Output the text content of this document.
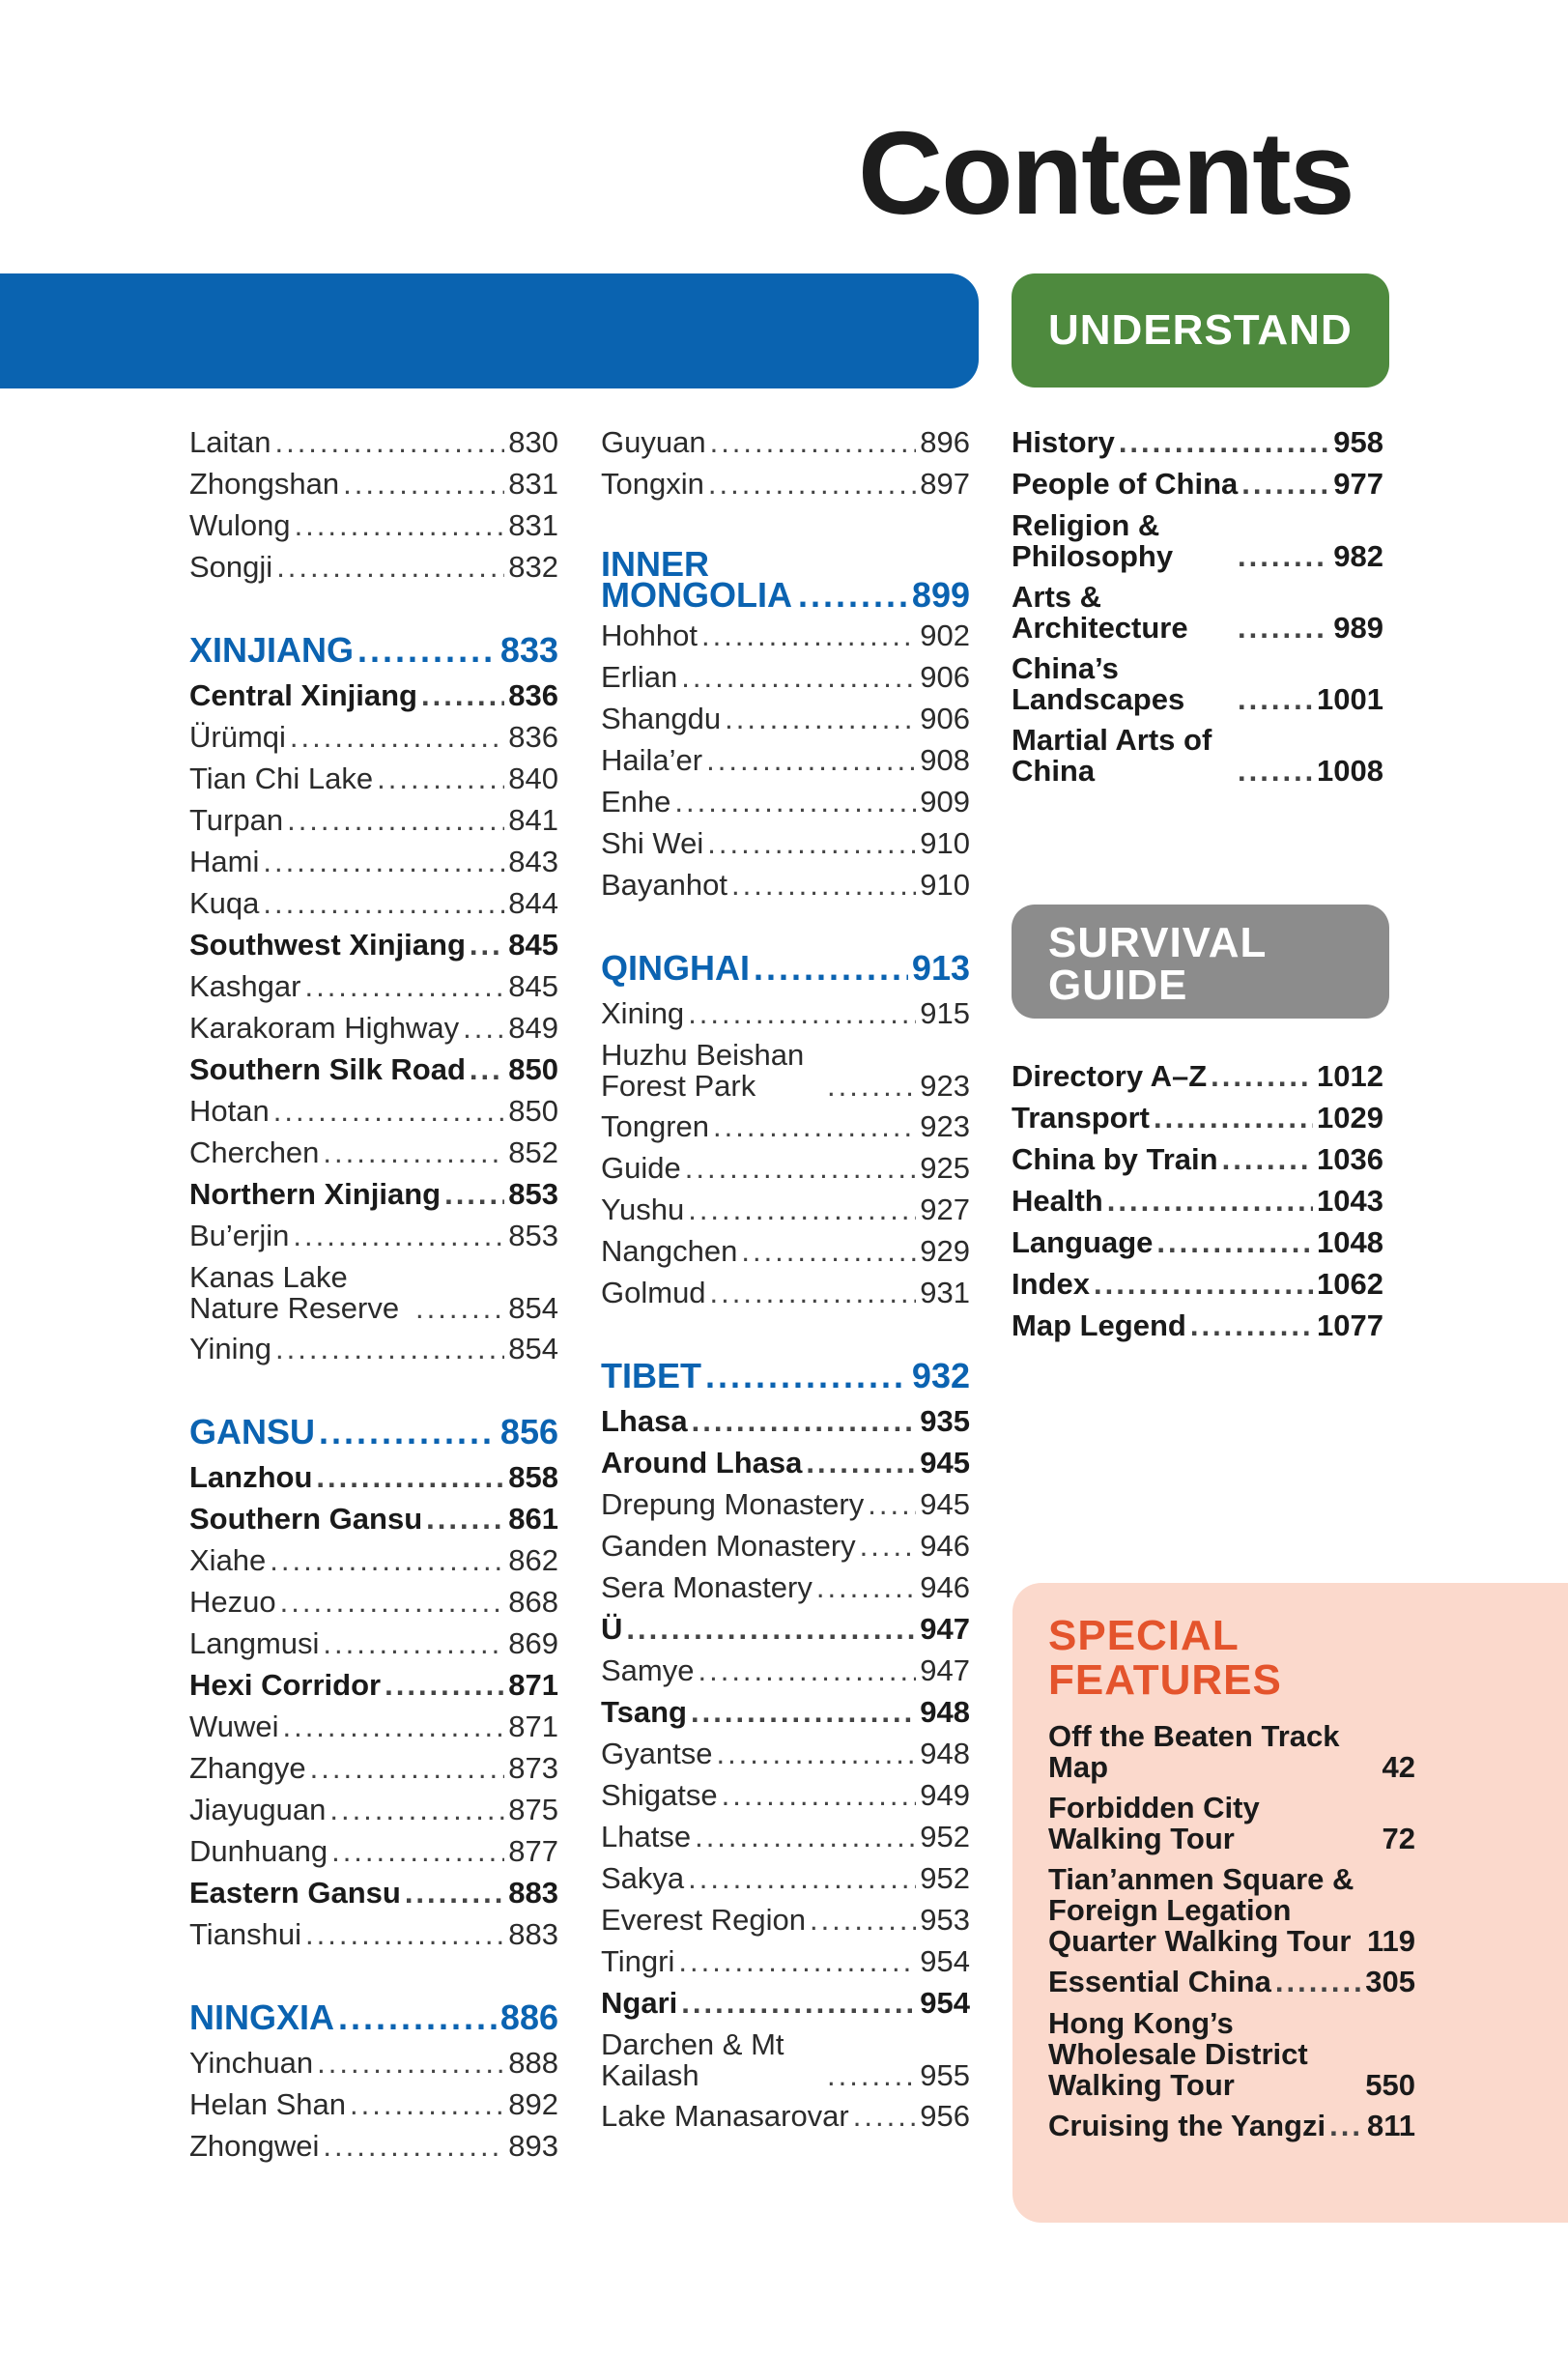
Contents
Laitan .....	830
Zhongshan .....	831
Wulong .....	831
Songji .....	832
XINJIANG .....	833
Central Xinjiang .....	836
Ürümqi .....	836
Tian Chi Lake .....	840
Turpan .....	841
Hami .....	843
Kuqa .....	844
Southwest Xinjiang ..... 845
Kashgar .....	845
Karakoram Highway ..... 849
Southern Silk Road ..... 850
Hotan .....	850
Cherchen .....	852
Northern Xinjiang ..... 853
Bu’erjin .....	853
Kanas Lake Nature Reserve .....	854
Yining .....	854
GANSU .....	856
Lanzhou .....	858
Southern Gansu .....	861
Xiahe .....	862
Hezuo .....	868
Langmusi .....	869
Hexi Corridor .....	871
Wuwei .....	871
Zhangye .....	873
Jiayuguan .....	875
Dunhuang .....	877
Eastern Gansu .....	883
Tianshui .....	883
NINGXIA .....	886
Yinchuan .....	888
Helan Shan .....	892
Zhongwei .....	893
Guyuan .....	896
Tongxin .....	897
INNER MONGOLIA .....	899
Hohhot .....	902
Erlian .....	906
Shangdu .....	906
Haila’er .....	908
Enhe .....	909
Shi Wei .....	910
Bayanhot .....	910
QINGHAI .....	913
Xining .....	915
Huzhu Beishan Forest Park .....	923
Tongren .....	923
Guide .....	925
Yushu .....	927
Nangchen .....	929
Golmud .....	931
TIBET .....	932
Lhasa .....	935
Around Lhasa .....	945
Drepung Monastery ..... 945
Ganden Monastery ..... 946
Sera Monastery .....	946
Ü .....	947
Samye .....	947
Tsang .....	948
Gyantse .....	948
Shigatse .....	949
Lhatse .....	952
Sakya .....	952
Everest Region .....	953
Tingri .....	954
Ngari .....	954
Darchen & Mt Kailash .....	955
Lake Manasarovar ..... 956
UNDERSTAND
History .....	958
People of China .....	977
Religion & Philosophy .....	982
Arts & Architecture .....	989
China’s Landscapes .....	1001
Martial Arts of China .....	1008
SURVIVAL GUIDE
Directory A–Z .....	1012
Transport .....	1029
China by Train .....	1036
Health .....	1043
Language .....	1048
Index .....	1062
Map Legend .....	1077
SPECIAL FEATURES
Off the Beaten Track Map	42
Forbidden City Walking Tour	72
Tian’anmen Square & Foreign Legation Quarter Walking Tour 119
Essential China .....	305
Hong Kong’s Wholesale District Walking Tour	550
Cruising the Yangzi ..... 811
